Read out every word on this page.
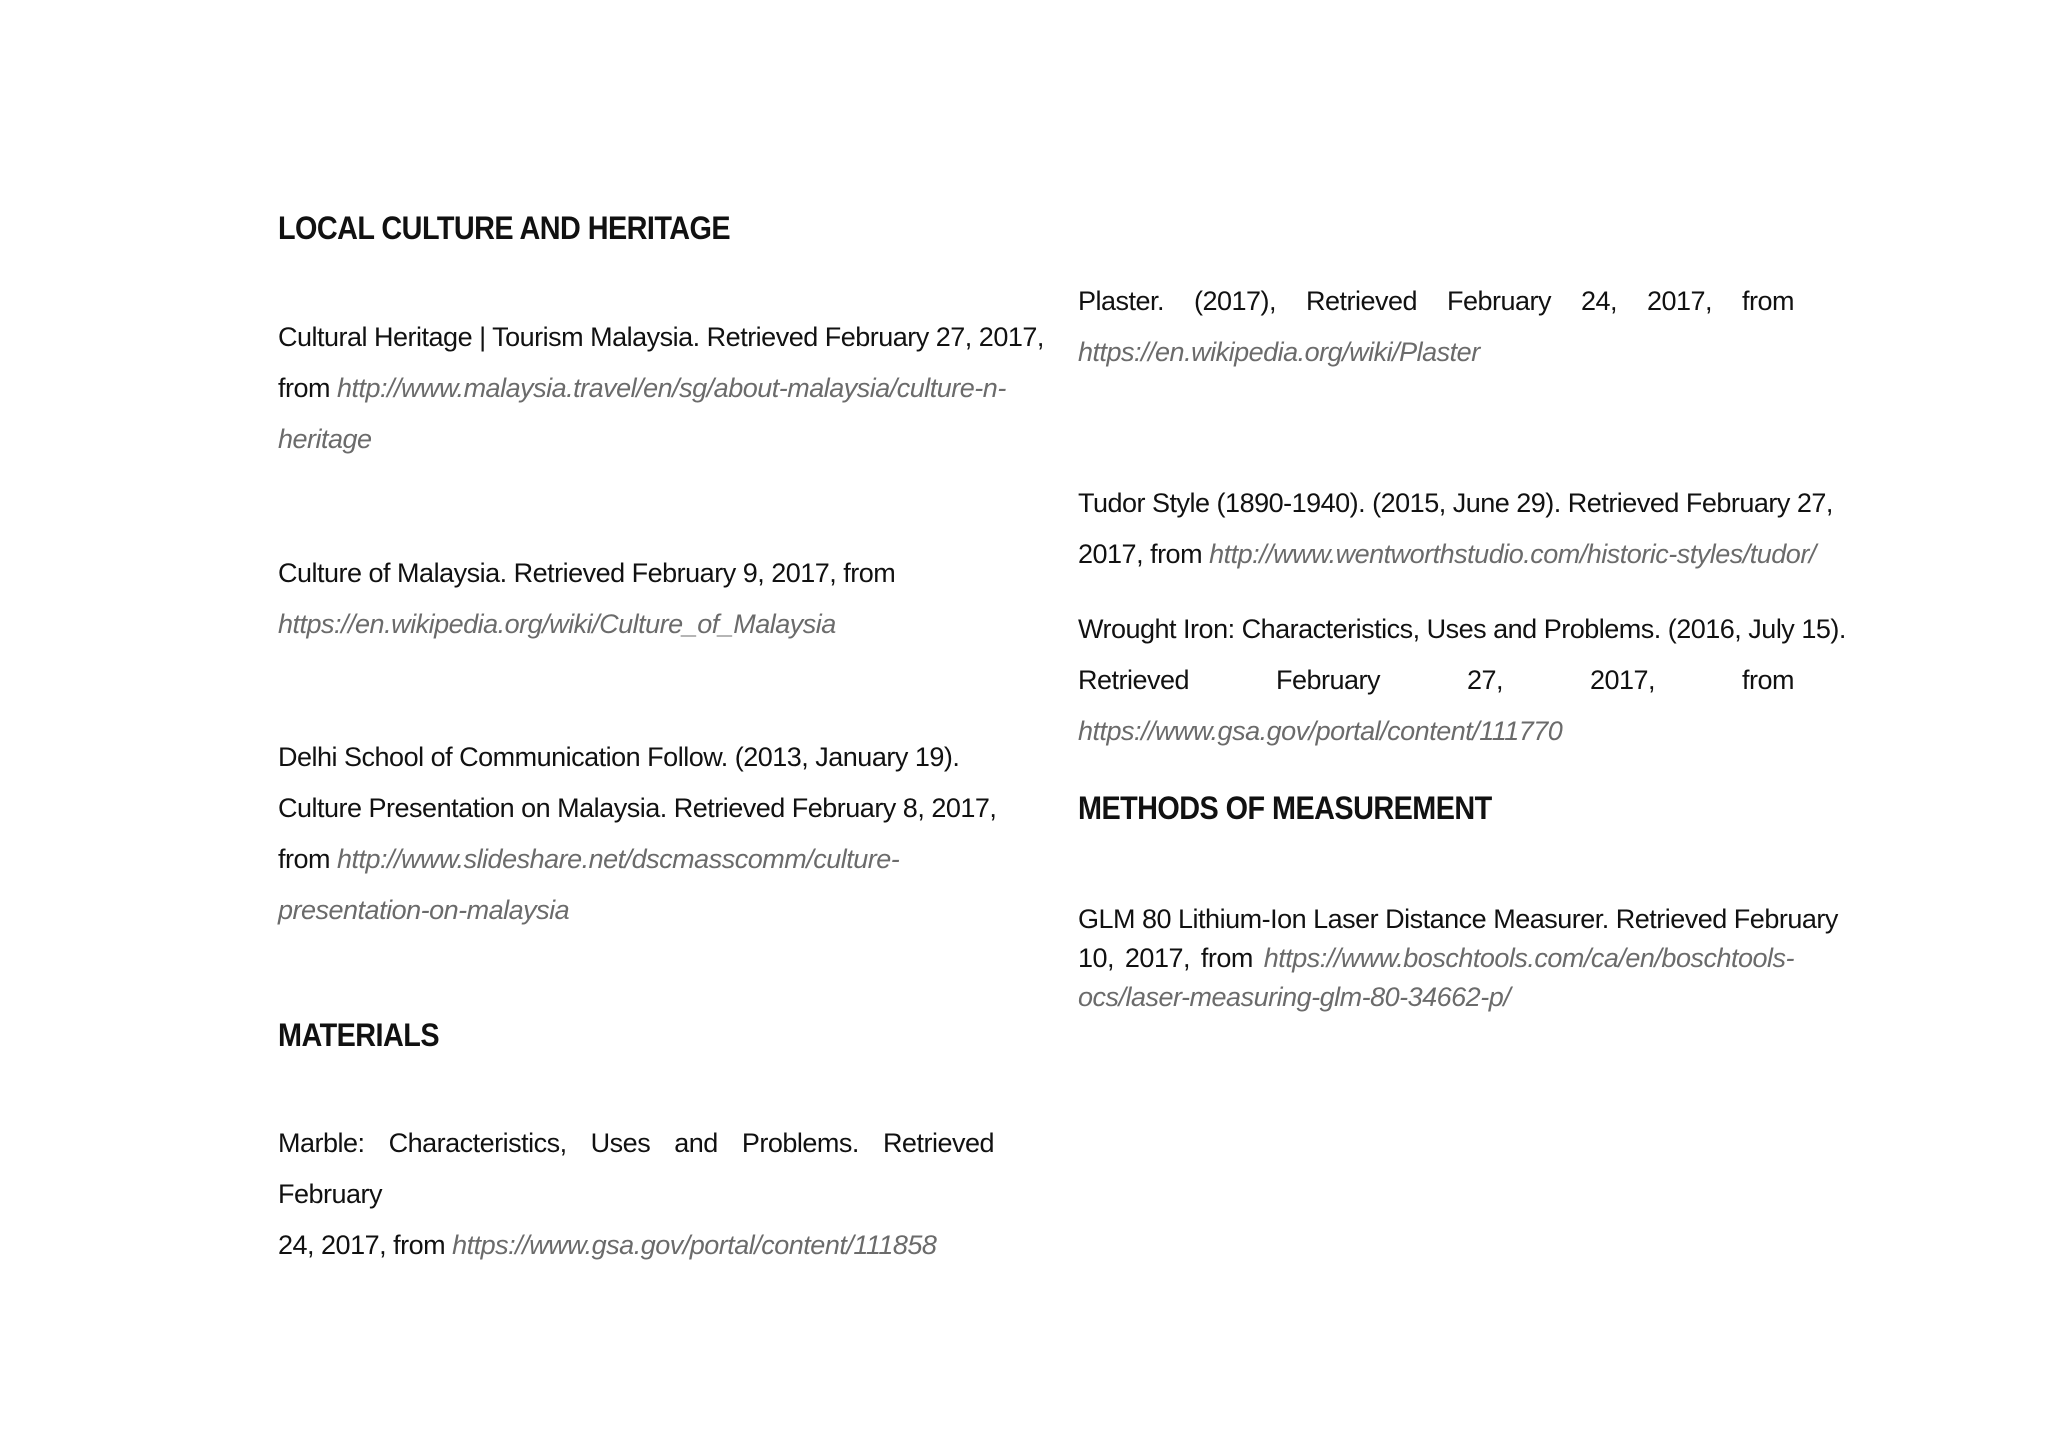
LOCAL CULTURE AND HERITAGE

Cultural Heritage | Tourism Malaysia. Retrieved February 27, 2017,
from http://www.malaysia.travel/en/sg/about-malaysia/culture-n-
heritage

Culture of Malaysia. Retrieved February 9, 2017, from
https://en.wikipedia.org/wiki/Culture_of_Malaysia

Delhi School of Communication Follow. (2013, January 19).
Culture Presentation on Malaysia. Retrieved February 8, 2017,
from http://www.slideshare.net/dscmasscomm/culture-
presentation-on-malaysia

MATERIALS

Marble: Characteristics, Uses and Problems. Retrieved February
24, 2017, from https://www.gsa.gov/portal/content/111858

Plaster. (2017), Retrieved February 24, 2017, from
https://en.wikipedia.org/wiki/Plaster

Tudor Style (1890-1940). (2015, June 29). Retrieved February 27,
2017, from http://www.wentworthstudio.com/historic-styles/tudor/

Wrought Iron: Characteristics, Uses and Problems. (2016, July 15).
Retrieved February 27, 2017, from
https://www.gsa.gov/portal/content/111770

METHODS OF MEASUREMENT

GLM 80 Lithium-Ion Laser Distance Measurer. Retrieved February
10, 2017, from https://www.boschtools.com/ca/en/boschtools-
ocs/laser-measuring-glm-80-34662-p/
